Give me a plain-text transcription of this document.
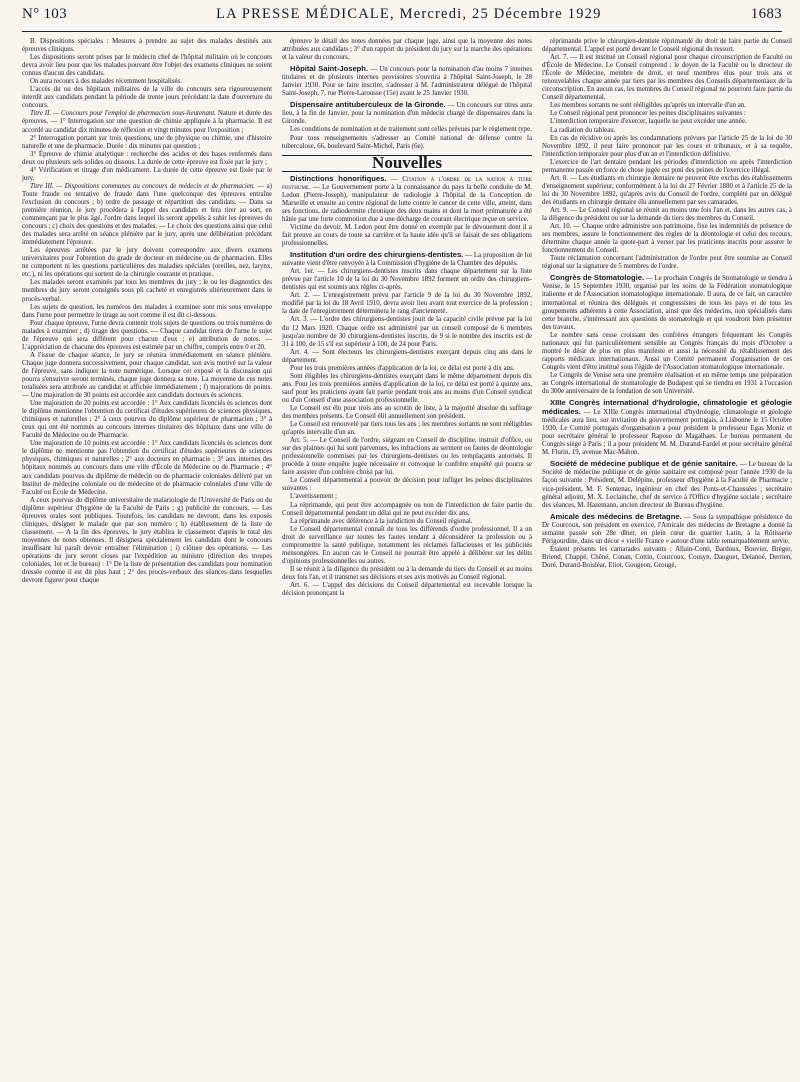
N° 103	LA PRESSE MÉDICALE, Mercredi, 25 Décembre 1929	1683

B. Dispositions spéciales : Mesures à prendre au sujet des malades destinés aux épreuves cliniques.

Les dispositions seront prises par le médecin chef de l'hôpital militaire où le concours devra avoir lieu pour que les malades pouvant être l'objet des examens cliniques ne soient connus d'aucun des candidats.

On aura recours à des malades récemment hospitalisés.

L'accès du ou des hôpitaux militaires de la ville du concours sera rigoureusement interdit aux candidats pendant la période de trente jours précédant la date d'ouverture du concours.

Titre II. — Concours pour l'emploi de pharmacien sous-lieutenant. Nature et durée des épreuves. — 1° Interrogation sur une question de chimie appliquée à la pharmacie. Il est accordé au candidat dix minutes de réflexion et vingt minutes pour l'exposition ;

2° Interrogation portant sur trois questions, une de physique ou chimie, une d'histoire naturelle et une de pharmacie. Durée : dix minutes par question ;

3° Épreuve de chimie analytique : recherche des acides et des bases renfermés dans deux ou plusieurs sels solides ou dissous. La durée de cette épreuve est fixée par le jury ;

4° Vérification et titrage d'un médicament. La durée de cette épreuve est fixée par le jury.

Titre III. — Dispositions communes au concours de médecin et de pharmacien. — a) Toute fraude ou tentative de fraude dans l'une quelconque des épreuves entraîne l'exclusion du concours ; b) ordre de passage et répartition des candidats. — Dans sa première réunion, le jury procédera à l'appel des candidats et fera tirer au sort, en commençant par le plus âgé, l'ordre dans lequel ils seront appelés à subir les épreuves du concours ; c) choix des questions et des malades. — Le choix des questions ainsi que celui des malades sera arrêté en séance plénière par le jury, après une délibération précédant immédiatement l'épreuve.

Les épreuves arrêtées par le jury doivent correspondre aux divers examens universitaires pour l'obtention du grade de docteur en médecine ou de pharmacien. Elles ne comportent ni les questions particulières des maladies spéciales (oreilles, nez, larynx, etc.), ni les opérations qui sortent de la chirurgie courante et pratique.

Les malades seront examinés par tous les membres du jury ; le ou les diagnostics des membres du jury seront consignés sous pli cacheté et enregistrés ultérieurement dans le procès-verbal.

Les sujets de question, les numéros des malades à examiner sont mis sous enveloppe dans l'urne pour permettre le tirage au sort comme il est dit ci-dessous.

Pour chaque épreuve, l'urne devra contenir trois sujets de questions ou trois numéros de malades à examiner ; d) tirage des questions. — Chaque candidat tirera de l'urne le sujet de l'épreuve qui sera différent pour chacun d'eux ; e) attribution de notes. — L'appréciation de chacune des épreuves est estimée par un chiffre, compris entre 0 et 20.

A l'issue de chaque séance, le jury se réunira immédiatement en séance plénière. Chaque juge donnera successivement, pour chaque candidat, son avis motivé sur la valeur de l'épreuve, sans indiquer la note numérique. Lorsque cet exposé et la discussion qui pourra s'ensuivre seront terminés, chaque juge donnera sa note. La moyenne de ces notes totalisées sera attribuée au candidat et affichée immédiatement ; f) majorations de points. — Une majoration de 30 points est accordée aux candidats docteurs ès sciences.

Une majoration de 20 points est accordée : 1° Aux candidats licenciés ès sciences dont le diplôme mentionne l'obtention du certificat d'études supérieures de sciences physiques, chimiques et naturelles ; 2° à ceux pourvus du diplôme supérieur de pharmacien ; 3° à ceux qui ont été nommés au concours internes titulaires des hôpitaux dans une ville de Faculté de Médecine ou de Pharmacie.

Une majoration de 10 points est accordée : 1° Aux candidats licenciés ès sciences dont le diplôme ne mentionne pas l'obtention du certificat d'études supérieures de sciences physiques, chimiques et naturelles ; 2° aux docteurs en pharmacie ; 3° aux internes des hôpitaux nommés au concours dans une ville d'École de Médecine ou de Pharmacie ; 4° aux candidats pourvus du diplôme de médecin ou de pharmacie coloniales délivré par un Institut de médecine coloniale ou de médecine et de pharmacie coloniales d'une ville de Faculté ou École de Médecine.

A ceux pourvus du diplôme universitaire de malariologie de l'Université de Paris ou du diplôme supérieur d'hygiène de la Faculté de Paris ; g) publicité du concours. — Les épreuves orales sont publiques. Toutefois, les candidats ne devront, dans les exposés cliniques, désigner le malade que par son numéro ; h) établissement de la liste de classement. — A la fin des épreuves, le jury établira le classement d'après le total des moyennes de notes obtenues. Il désignera spécialement les candidats dont le concours insuffisant lui paraît devoir entraîner l'élimination ; i) clôture des opérations. — Les opérations du jury seront closes par l'expédition au ministre (direction des troupes coloniales, 1er et 3e bureau) : 1° De la liste de présentation des candidats pour nomination dressée comme il est dit plus haut ; 2° des procès-verbaux des séances dans lesquelles devront figurer pour chaque

épreuve le détail des notes données par chaque juge, ainsi que la moyenne des notes attribuées aux candidats ; 3° d'un rapport du président du jury sur la marche des opérations et la valeur du concours.

Hôpital Saint-Joseph. — Un concours pour la nomination d'au moins 7 internes titulaires et de plusieurs internes provisoires s'ouvrira à l'hôpital Saint-Joseph, le 28 Janvier 1930. Pour se faire inscrire, s'adresser à M. l'administrateur délégué de l'hôpital Saint-Joseph, 7, rue Pierre-Larousse (15e) avant le 25 Janvier 1930.

Dispensaire antituberculeux de la Gironde. — Un concours sur titres aura lieu, à la fin de Janvier, pour la nomination d'un médecin chargé de dispensaires dans la Gironde.

Les conditions de nomination et de traitement sont celles prévues par le règlement type.

Pour tous renseignements s'adresser au Comité national de défense contre la tuberculose, 66, boulevard Saint-Michel, Paris (6e).

Nouvelles

Distinctions honorifiques. — Citation à l'ordre de la nation à titre posthume. — Le Gouvernement porte à la connaissance du pays la belle conduite de M. Ledon (Pierre-Joseph), manipulateur de radiologie à l'hôpital de la Conception de Marseille et ensuite au centre régional de lutte contre le cancer de cette ville, atteint, dans ses fonctions, de radiodermite chronique des deux mains et dont la mort prématurée a été hâtée par une forte commotion due à une décharge de courant électrique reçue en service.

Victime du devoir, M. Ledon peut être donné en exemple par le dévouement dont il a fait preuve au cours de toute sa carrière et la haute idée qu'il se faisait de ses obligations professionnelles.

Institution d'un ordre des chirurgiens-dentistes. — La proposition de loi suivante vient d'être renvoyée à la Commission d'hygiène de la Chambre des députés.

Art. 1er. — Les chirurgiens-dentistes inscrits dans chaque département sur la liste prévue par l'article 10 de la loi du 30 Novembre 1892 forment un ordre des chirurgiens-dentistes qui est soumis aux règles ci-après.

Art. 2. — L'enregistrement prévu par l'article 9 de la loi du 30 Novembre 1892, modifié par la loi du 18 Avril 1910, devra avoir lieu avant tout exercice de la profession ; la date de l'enregistrement déterminera le rang d'ancienneté.

Art. 3. — L'ordre des chirurgiens-dentistes jouit de la capacité civile prévue par la loi du 12 Mars 1920. Chaque ordre est administré par un conseil composé de 6 membres jusqu'au nombre de 30 chirurgiens-dentistes inscrits, de 9 si le nombre des inscrits est de 31 à 100, de 15 s'il est supérieur à 100, de 24 pour Paris.

Art. 4. — Sont électeurs les chirurgiens-dentistes exerçant depuis cinq ans dans le département.

Pour les trois premières années d'application de la loi, ce délai est porté à dix ans.

Sont éligibles les chirurgiens-dentistes exerçant dans le même département depuis dix ans. Pour les trois premières années d'application de la loi, ce délai est porté à quinze ans, sauf pour les praticiens ayant fait partie pendant trois ans au moins d'un Conseil syndical ou d'un Conseil d'une association professionnelle.

Le Conseil est élu pour trois ans au scrutin de liste, à la majorité absolue du suffrage des membres présents. Le Conseil élit annuellement son président.

Le Conseil est renouvelé par tiers tous les ans ; les membres sortants ne sont rééligibles qu'après intervalle d'un an.

Art. 5. — Le Conseil de l'ordre, siégeant en Conseil de discipline, instruit d'office, ou sur des plaintes qui lui sont parvenues, les infractions au serment ou fautes de déontologie professionnelle commises par les chirurgiens-dentistes ou les remplaçants autorisés. Il procède à toute enquête jugée nécessaire et convoque le confrère enquêté qui pourra se faire assister d'un confrère choisi par lui.

Le Conseil départemental a pouvoir de décision pour infliger les peines disciplinaires suivantes :

L'avertissement ;

La réprimande, qui peut être accompagnée ou non de l'interdiction de faire partie du Conseil départemental pendant un délai qui ne peut excéder dix ans.

La réprimande avec déférence à la juridiction du Conseil régional.

Le Conseil départemental connaît de tous les différends d'ordre professionnel. Il a un droit de surveillance sur toutes les fautes tendant à déconsidérer la profession ou à compromettre la santé publique, notamment les réclames fallacieuses et les publicités mensongères. En aucun cas le Conseil ne pourrait être appelé à délibérer sur les délits d'opinions professionnelles ou autres.

Il se réunit à la diligence du président ou à la demande du tiers du Conseil et au moins deux fois l'an, et il transmet ses décisions et ses avis motivés au Conseil régional.

Art. 6. — L'appel des décisions du Conseil départemental est recevable lorsque la décision prononçant la

réprimande prive le chirurgien-dentiste réprimandé du droit de faire partie du Conseil départemental. L'appel est porté devant le Conseil régional du ressort.

Art. 7. — Il est institué un Conseil régional pour chaque circonscription de Faculté ou d'École de Médecine. Le Conseil comprend : le doyen de la Faculté ou le directeur de l'École de Médecine, membre de droit, et neuf membres élus pour trois ans et renouvelables chaque année par tiers par les membres des Conseils départementaux de la circonscription. En aucun cas, les membres du Conseil régional ne pourront faire partie du Conseil départemental.

Les membres sortants ne sont rééligibles qu'après un intervalle d'un an.

Le Conseil régional peut prononcer les peines disciplinaires suivantes :

L'interdiction temporaire d'exercer, laquelle ne peut excéder une année.

La radiation du tableau.

En cas de récidive ou après les condamnations prévues par l'article 25 de la loi du 30 Novembre 1892, il peut faire prononcer par les cours et tribunaux, et à sa requête, l'interdiction temporaire pour plus d'un an et l'interdiction définitive.

L'exercice de l'art dentaire pendant les périodes d'interdiction ou après l'interdiction permanente passée en force de chose jugée est puni des peines de l'exercice illégal.

Art. 8. — Les étudiants en chirurgie dentaire ne peuvent être exclus des établissements d'enseignement supérieur, conformément à la loi du 27 Février 1880 et à l'article 25 de la loi du 30 Novembre 1892, qu'après avis du Conseil de l'ordre, complété par un délégué des étudiants en chirurgie dentaire élu annuellement par ses camarades.

Art. 9. — Le Conseil régional se réunit au moins une fois l'an et, dans les autres cas, à la diligence du président ou sur la demande du tiers des membres du Conseil.

Art. 10. — Chaque ordre administre son patrimoine, fixe les indemnités de présence de ses membres, assure le fonctionnement des règles de la déontologie et celui des recours, détermine chaque année la quote-part à verser par les praticiens inscrits pour assurer le fonctionnement du Conseil.

Toute réclamation concernant l'administration de l'ordre peut être soumise au Conseil régional sur la signature de 5 membres de l'ordre.

Congrès de Stomatologie. — Le prochain Congrès de Stomatologie se tiendra à Venise, le 15 Septembre 1930, organisé par les soins de la Fédération stomatologique italienne et de l'Association stomatologique internationale. Il aura, de ce fait, un caractère international et réunira des délégués et congressistes de tous les pays et de tous les groupements adhérents à cette Association, ainsi que des médecins, non spécialisés dans cette branche, s'intéressant aux questions de stomatologie et qui voudront bien présenter des travaux.

Le nombre sans cesse croissant des confrères étrangers fréquentant les Congrès nationaux qui fut particulièrement sensible au Congrès français du mois d'Octobre a montré le désir de plus en plus manifeste et aussi la nécessité du rétablissement des rapports médicaux internationaux. Aussi un Comité permanent d'organisation de ces Congrès vient d'être institué sous l'égide de l'Association stomatologique internationale.

Le Congrès de Venise sera une première réalisation et en même temps une préparation au Congrès international de stomatologie de Budapest qui se tiendra en 1931 à l'occasion du 300e anniversaire de la fondation de son Université.

XIIIe Congrès international d'hydrologie, climatologie et géologie médicales. — Le XIIIe Congrès international d'hydrologie, climatologie et géologie médicales aura lieu, sur invitation du gouvernement portugais, à Lisbonne le 15 Octobre 1930. Le Comité portugais d'organisation a pour président le professeur Egas Moniz et pour secrétaire général le professeur Raposo de Magalhaes. Le bureau permanent du Congrès siège à Paris ; il a pour président M. M. Durand-Fardel et pour secrétaire général M. Flurin, 19, avenue Mac-Mahon.

Société de médecine publique et de génie sanitaire. — Le bureau de la Société de médecine publique et de génie sanitaire est composé pour l'année 1930 de la façon suivante : Président, M. Delépine, professeur d'hygiène à la Faculté de Pharmacie ; vice-président, M. F. Sentenac, ingénieur en chef des Ponts-et-Chaussées ; secrétaire général adjoint, M. X. Leclainche, chef de service à l'Office d'hygiène sociale ; secrétaire des séances, M. Hazemann, ancien directeur de Bureau d'hygiène.

Amicale des médecins de Bretagne. — Sous la sympathique présidence du Dr Courcoux, son président en exercice, l'Amicale des médecins de Bretagne a donné la semaine passée son 28e dîner, en plein cœur du quartier Latin, à la Rôtisserie Périgourdine, dans un décor « vieille France » autour d'une table remarquablement servie.

Étaient présents les camarades suivants : Allain-Conti, Bardoux, Bouvier, Bréger, Briend, Chappé, Chêné, Conan, Cottin, Courcoux, Cousyn, Dauguet, Delanoé, Derrien, Doré, Durand-Boisléar, Eliot, Gougeon, Grougé,
